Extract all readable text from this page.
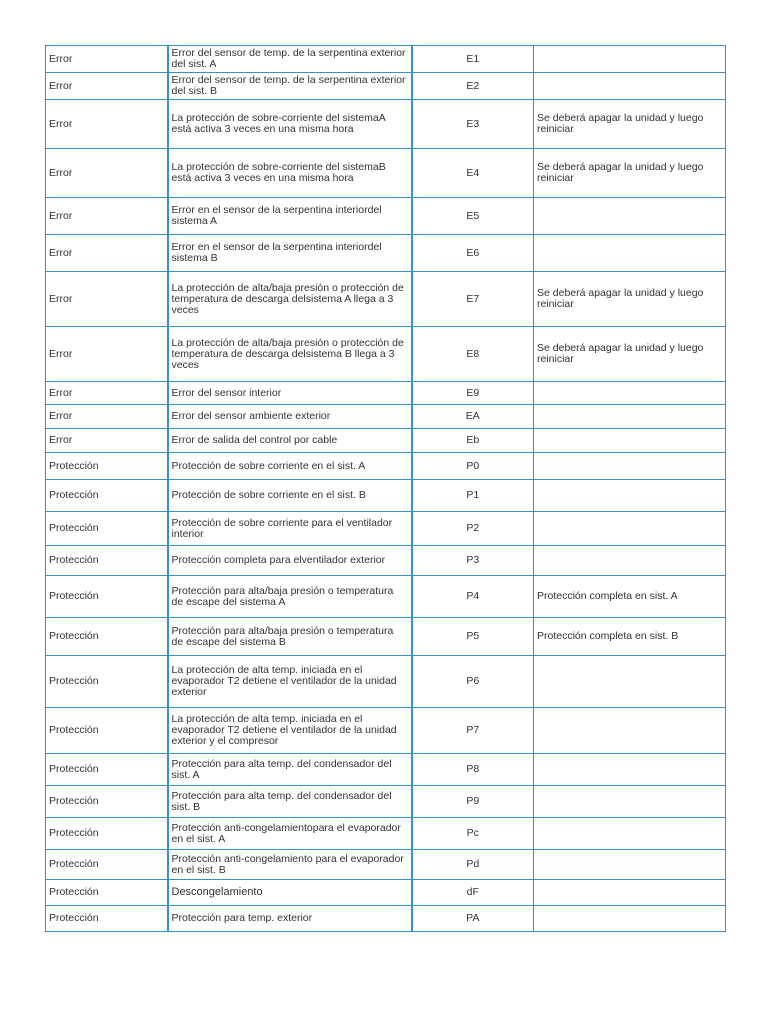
Error	Error del sensor de temp. de la serpentina exterior del sist. A	E1	
Error	Error del sensor de temp. de la serpentina exterior del sist. B	E2	
Error	La protección de sobre-corriente del sistemaA está activa 3 veces en una misma hora	E3	Se deberá apagar la unidad y luego reiniciar
Error	La protección de sobre-corriente del sistemaB está activa 3 veces en una misma hora	E4	Se deberá apagar la unidad y luego reiniciar
Error	Error en el sensor de la serpentina interiordel sistema A	E5	
Error	Error en el sensor de la serpentina interiordel sistema B	E6	
Error	La protección de alta/baja presión o protección de temperatura de descarga delsistema A llega a 3 veces	E7	Se deberá apagar la unidad y luego reiniciar
Error	La protección de alta/baja presión o protección de temperatura de descarga delsistema B llega a 3 veces	E8	Se deberá apagar la unidad y luego reiniciar
Error	Error del sensor interior	E9	
Error	Error del sensor ambiente exterior	EA	
Error	Error de salida del control por cable	Eb	
Protección	Protección de sobre corriente en el sist. A	P0	
Protección	Protección de sobre corriente en el sist. B	P1	
Protección	Protección de sobre corriente para el ventilador interior	P2	
Protección	Protección completa para elventilador exterior	P3	
Protección	Protección para alta/baja presión o temperatura de escape del sistema A	P4	Protección completa en sist. A
Protección	Protección para alta/baja presión o temperatura de escape del sistema B	P5	Protección completa en sist. B
Protección	La protección de alta temp. iniciada en el evaporador T2 detiene el ventilador de la unidad exterior	P6	
Protección	La protección de alta temp. iniciada en el evaporador T2 detiene el ventilador de la unidad exterior y el compresor	P7	
Protección	Protección para alta temp. del condensador del sist. A	P8	
Protección	Protección para alta temp. del condensador del sist. B	P9	
Protección	Protección anti-congelamientopara el evaporador en el sist. A	Pc	
Protección	Protección anti-congelamiento para el evaporador en el sist. B	Pd	
Protección	Descongelamiento	dF	
Protección	Protección para temp. exterior	PA	
